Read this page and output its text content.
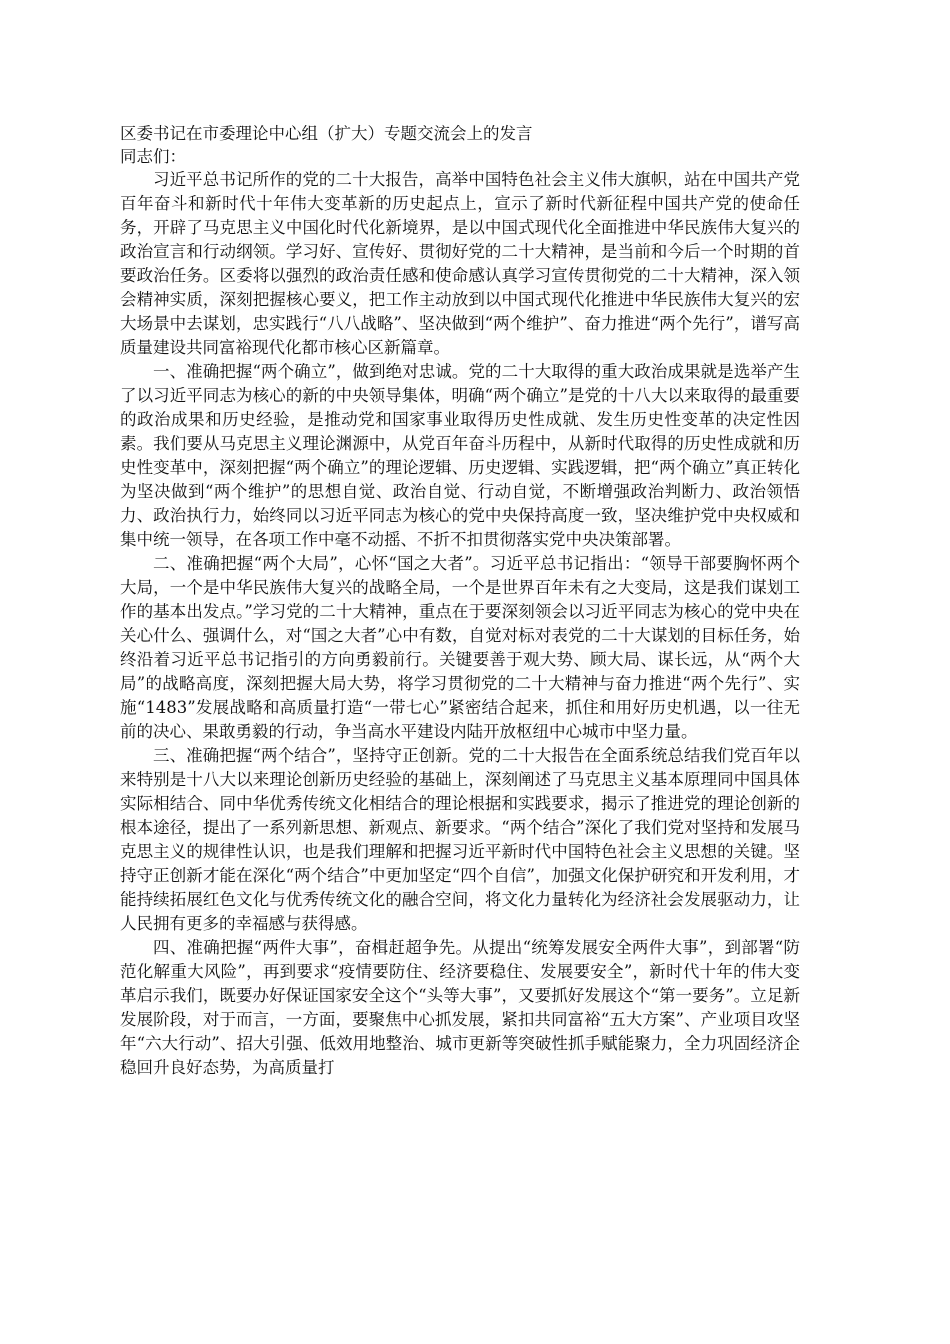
区委书记在市委理论中心组（扩大）专题交流会上的发言

同志们：

习近平总书记所作的党的二十大报告，高举中国特色社会主义伟大旗帜，站在中国共产党百年奋斗和新时代十年伟大变革新的历史起点上，宣示了新时代新征程中国共产党的使命任务，开辟了马克思主义中国化时代化新境界，是以中国式现代化全面推进中华民族伟大复兴的政治宣言和行动纲领。学习好、宣传好、贯彻好党的二十大精神，是当前和今后一个时期的首要政治任务。区委将以强烈的政治责任感和使命感认真学习宣传贯彻党的二十大精神，深入领会精神实质，深刻把握核心要义，把工作主动放到以中国式现代化推进中华民族伟大复兴的宏大场景中去谋划，忠实践行“八八战略”、坚决做到“两个维护”、奋力推进“两个先行”，谱写高质量建设共同富裕现代化都市核心区新篇章。

一、准确把握“两个确立”，做到绝对忠诚。党的二十大取得的重大政治成果就是选举产生了以习近平同志为核心的新的中央领导集体，明确“两个确立”是党的十八大以来取得的最重要的政治成果和历史经验，是推动党和国家事业取得历史性成就、发生历史性变革的决定性因素。我们要从马克思主义理论渊源中，从党百年奋斗历程中，从新时代取得的历史性成就和历史性变革中，深刻把握“两个确立”的理论逻辑、历史逻辑、实践逻辑，把“两个确立”真正转化为坚决做到“两个维护”的思想自觉、政治自觉、行动自觉，不断增强政治判断力、政治领悟力、政治执行力，始终同以习近平同志为核心的党中央保持高度一致，坚决维护党中央权威和集中统一领导，在各项工作中毫不动摇、不折不扣贯彻落实党中央决策部署。

二、准确把握“两个大局”，心怀“国之大者”。习近平总书记指出：“领导干部要胸怀两个大局，一个是中华民族伟大复兴的战略全局，一个是世界百年未有之大变局，这是我们谋划工作的基本出发点。”学习党的二十大精神，重点在于要深刻领会以习近平同志为核心的党中央在关心什么、强调什么，对“国之大者”心中有数，自觉对标对表党的二十大谋划的目标任务，始终沿着习近平总书记指引的方向勇毅前行。关键要善于观大势、顾大局、谋长远，从“两个大局”的战略高度，深刻把握大局大势，将学习贯彻党的二十大精神与奋力推进“两个先行”、实施“1483”发展战略和高质量打造“一带七心”紧密结合起来，抓住和用好历史机遇，以一往无前的决心、果敢勇毅的行动，争当高水平建设内陆开放枢纽中心城市中坚力量。

三、准确把握“两个结合”，坚持守正创新。党的二十大报告在全面系统总结我们党百年以来特别是十八大以来理论创新历史经验的基础上，深刻阐述了马克思主义基本原理同中国具体实际相结合、同中华优秀传统文化相结合的理论根据和实践要求，揭示了推进党的理论创新的根本途径，提出了一系列新思想、新观点、新要求。“两个结合”深化了我们党对坚持和发展马克思主义的规律性认识，也是我们理解和把握习近平新时代中国特色社会主义思想的关键。坚持守正创新才能在深化“两个结合”中更加坚定“四个自信”，加强文化保护研究和开发利用，才能持续拓展红色文化与优秀传统文化的融合空间，将文化力量转化为经济社会发展驱动力，让人民拥有更多的幸福感与获得感。

四、准确把握“两件大事”，奋楫赶超争先。从提出“统筹发展安全两件大事”，到部署“防范化解重大风险”，再到要求“疫情要防住、经济要稳住、发展要安全”，新时代十年的伟大变革启示我们，既要办好保证国家安全这个“头等大事”，又要抓好发展这个“第一要务”。立足新发展阶段，对于而言，一方面，要聚焦中心抓发展，紧扣共同富裕“五大方案”、产业项目攻坚年“六大行动”、招大引强、低效用地整治、城市更新等突破性抓手赋能聚力，全力巩固经济企稳回升良好态势，为高质量打
